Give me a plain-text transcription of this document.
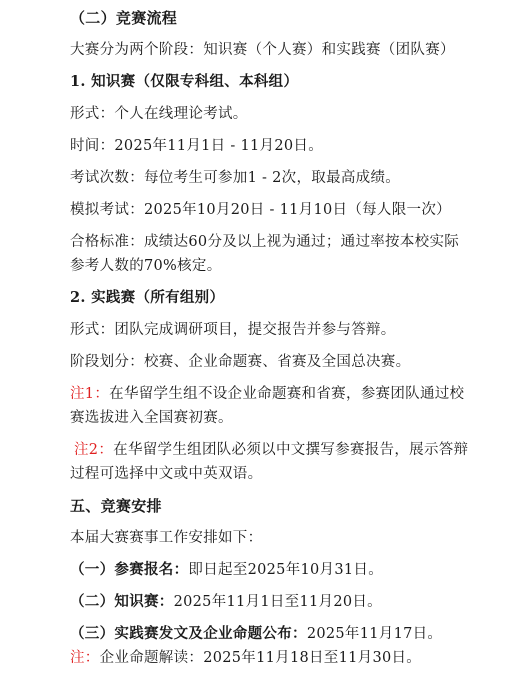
（二）竞赛流程
大赛分为两个阶段：知识赛（个人赛）和实践赛（团队赛）
1. 知识赛（仅限专科组、本科组）
形式：个人在线理论考试。
时间：2025年11月1日 - 11月20日。
考试次数：每位考生可参加1 - 2次，取最高成绩。
模拟考试：2025年10月20日 - 11月10日（每人限一次）
合格标准：成绩达60分及以上视为通过；通过率按本校实际
参考人数的70%核定。
2. 实践赛（所有组别）
形式：团队完成调研项目，提交报告并参与答辩。
阶段划分：校赛、企业命题赛、省赛及全国总决赛。
注1：在华留学生组不设企业命题赛和省赛，参赛团队通过校
赛选拔进入全国赛初赛。
注2：在华留学生组团队必须以中文撰写参赛报告，展示答辩
过程可选择中文或中英双语。
五、竞赛安排
本届大赛赛事工作安排如下：
（一）参赛报名：即日起至2025年10月31日。
（二）知识赛：2025年11月1日至11月20日。
（三）实践赛发文及企业命题公布：2025年11月17日。
注：企业命题解读：2025年11月18日至11月30日。
